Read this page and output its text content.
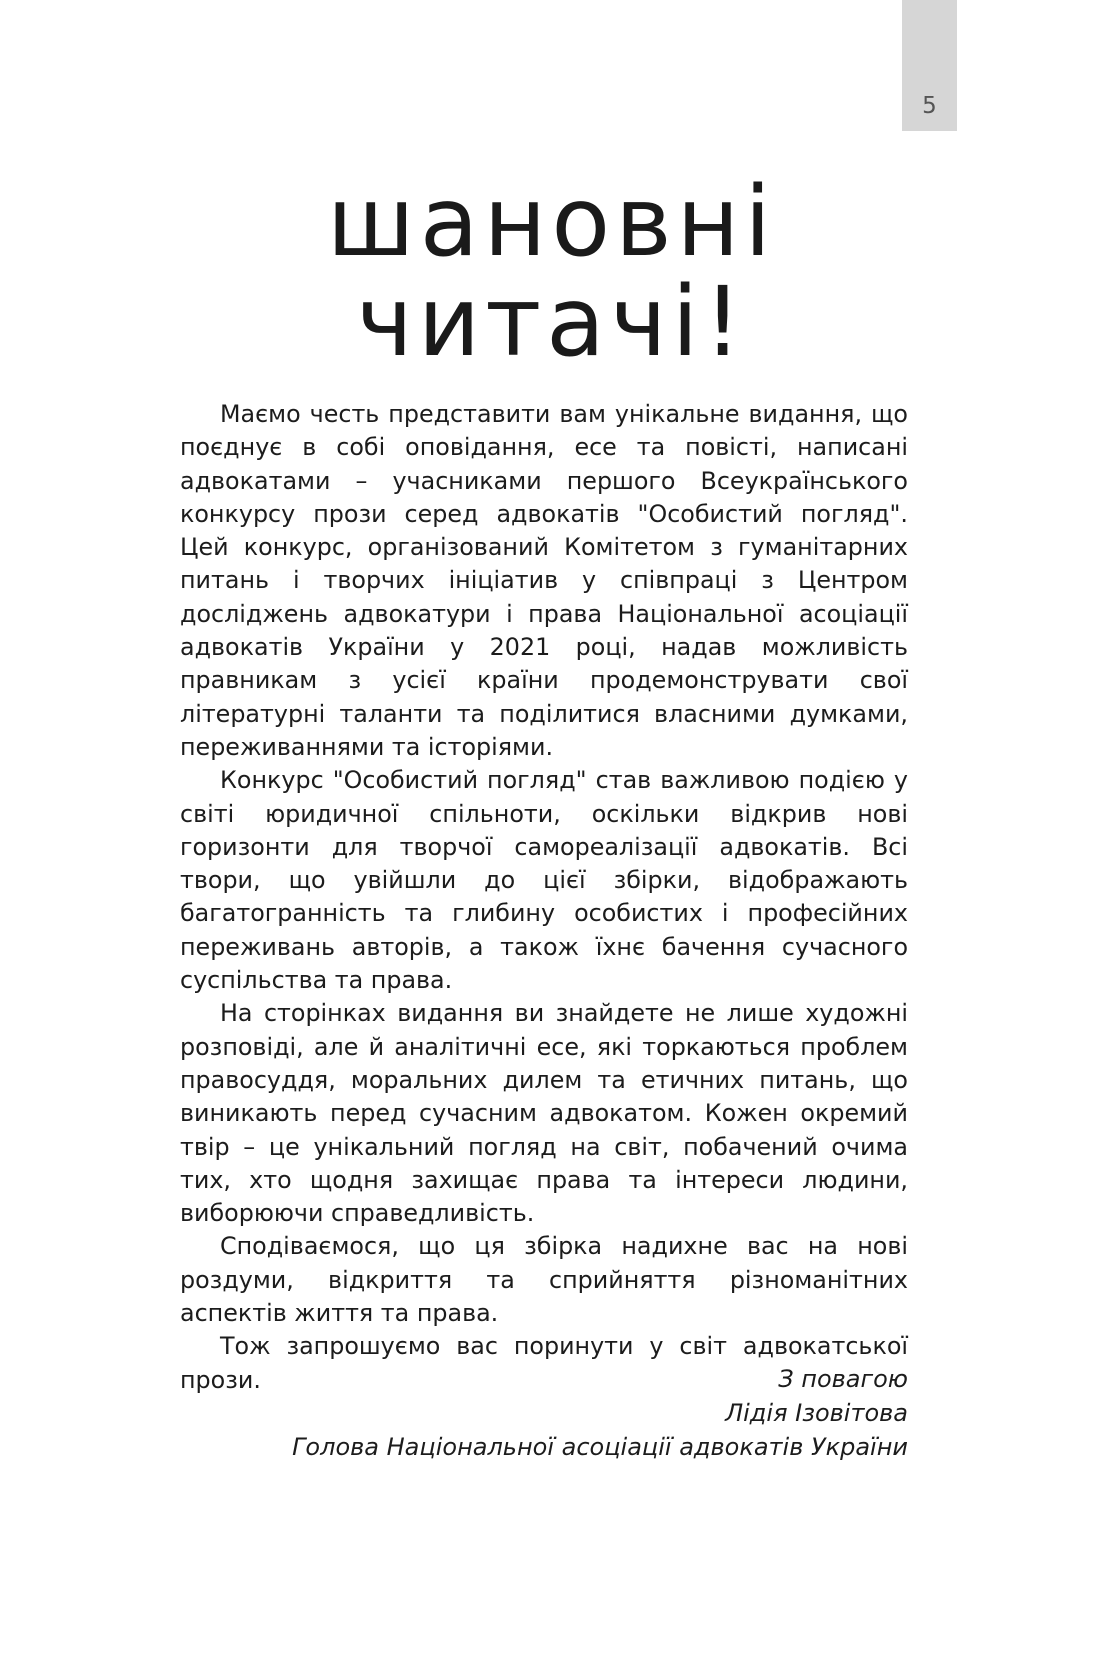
5
шановні
читачі!

Маємо честь представити вам унікальне видання, що поєднує в собі оповідання, есе та повісті, написані адвокатами – учасниками першого Всеукраїнського конкурсу прози серед адвокатів "Особистий погляд". Цей конкурс, організований Комітетом з гуманітарних питань і творчих ініціатив у співпраці з Центром досліджень адвокатури і права Національної асоціації адвокатів України у 2021 році, надав можливість правникам з усієї країни продемонструвати свої літературні таланти та поділитися власними думками, переживаннями та історіями.

Конкурс "Особистий погляд" став важливою подією у світі юридичної спільноти, оскільки відкрив нові горизонти для творчої самореалізації адвокатів. Всі твори, що увійшли до цієї збірки, відображають багатогранність та глибину особистих і професійних переживань авторів, а також їхнє бачення сучасного суспільства та права.

На сторінках видання ви знайдете не лише художні розповіді, але й аналітичні есе, які торкаються проблем правосуддя, моральних дилем та етичних питань, що виникають перед сучасним адвокатом. Кожен окремий твір – це унікальний погляд на світ, побачений очима тих, хто щодня захищає права та інтереси людини, виборюючи справедливість.

Сподіваємося, що ця збірка надихне вас на нові роздуми, відкриття та сприйняття різноманітних аспектів життя та права.

Тож запрошуємо вас поринути у світ адвокатської прози.	З повагою
Лідія Ізовітова
Голова Національної асоціації адвокатів України
